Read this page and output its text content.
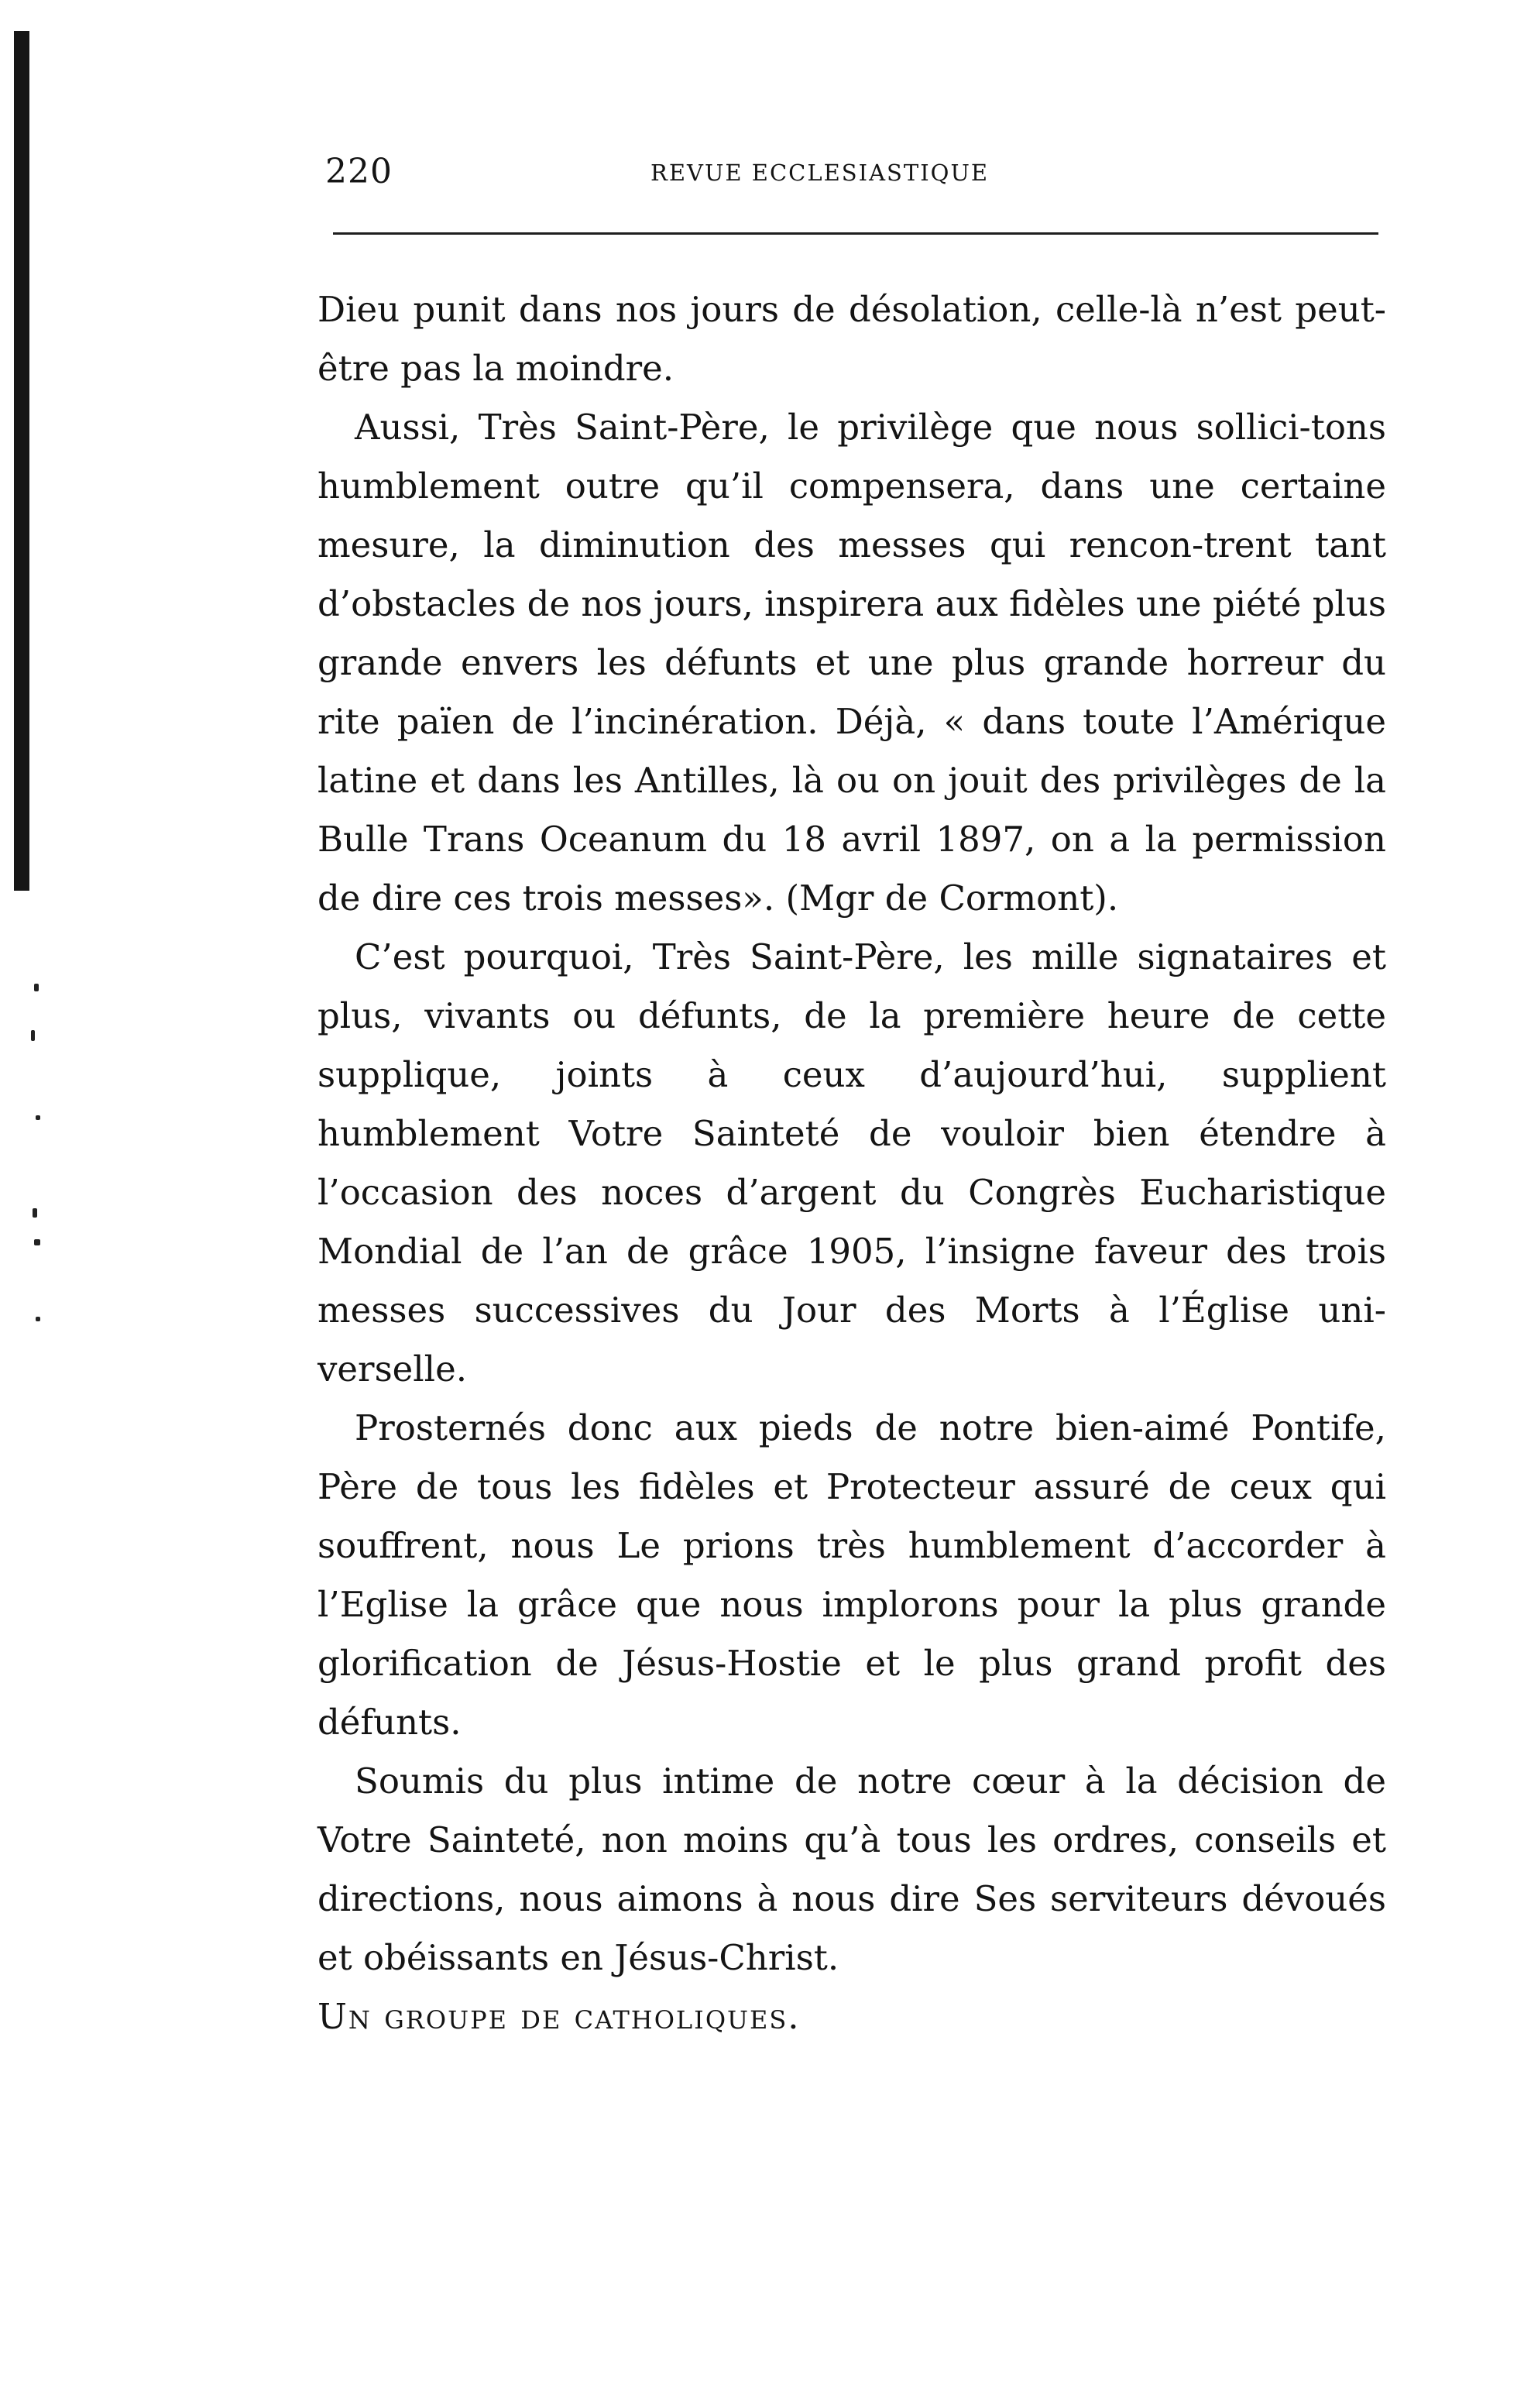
220	REVUE ECCLESIASTIQUE

Dieu punit dans nos jours de désolation, celle-là n’est peut-être pas la moindre.

Aussi, Très Saint-Père, le privilège que nous sollici-tons humblement outre qu’il compensera, dans une certaine mesure, la diminution des messes qui rencon-trent tant d’obstacles de nos jours, inspirera aux fidèles une piété plus grande envers les défunts et une plus grande horreur du rite païen de l’incinération. Déjà, « dans toute l’Amérique latine et dans les Antilles, là ou on jouit des privilèges de la Bulle Trans Oceanum du 18 avril 1897, on a la permission de dire ces trois messes». (Mgr de Cormont).

C’est pourquoi, Très Saint-Père, les mille signataires et plus, vivants ou défunts, de la première heure de cette supplique, joints à ceux d’aujourd’hui, supplient humblement Votre Sainteté de vouloir bien étendre à l’occasion des noces d’argent du Congrès Eucharistique Mondial de l’an de grâce 1905, l’insigne faveur des trois messes successives du Jour des Morts à l’Église uni-verselle.

Prosternés donc aux pieds de notre bien-aimé Pontife, Père de tous les fidèles et Protecteur assuré de ceux qui souffrent, nous Le prions très humblement d’accorder à l’Eglise la grâce que nous implorons pour la plus grande glorification de Jésus-Hostie et le plus grand profit des défunts.

Soumis du plus intime de notre cœur à la décision de Votre Sainteté, non moins qu’à tous les ordres, conseils et directions, nous aimons à nous dire Ses serviteurs dévoués et obéissants en Jésus-Christ.

Un groupe de catholiques.
